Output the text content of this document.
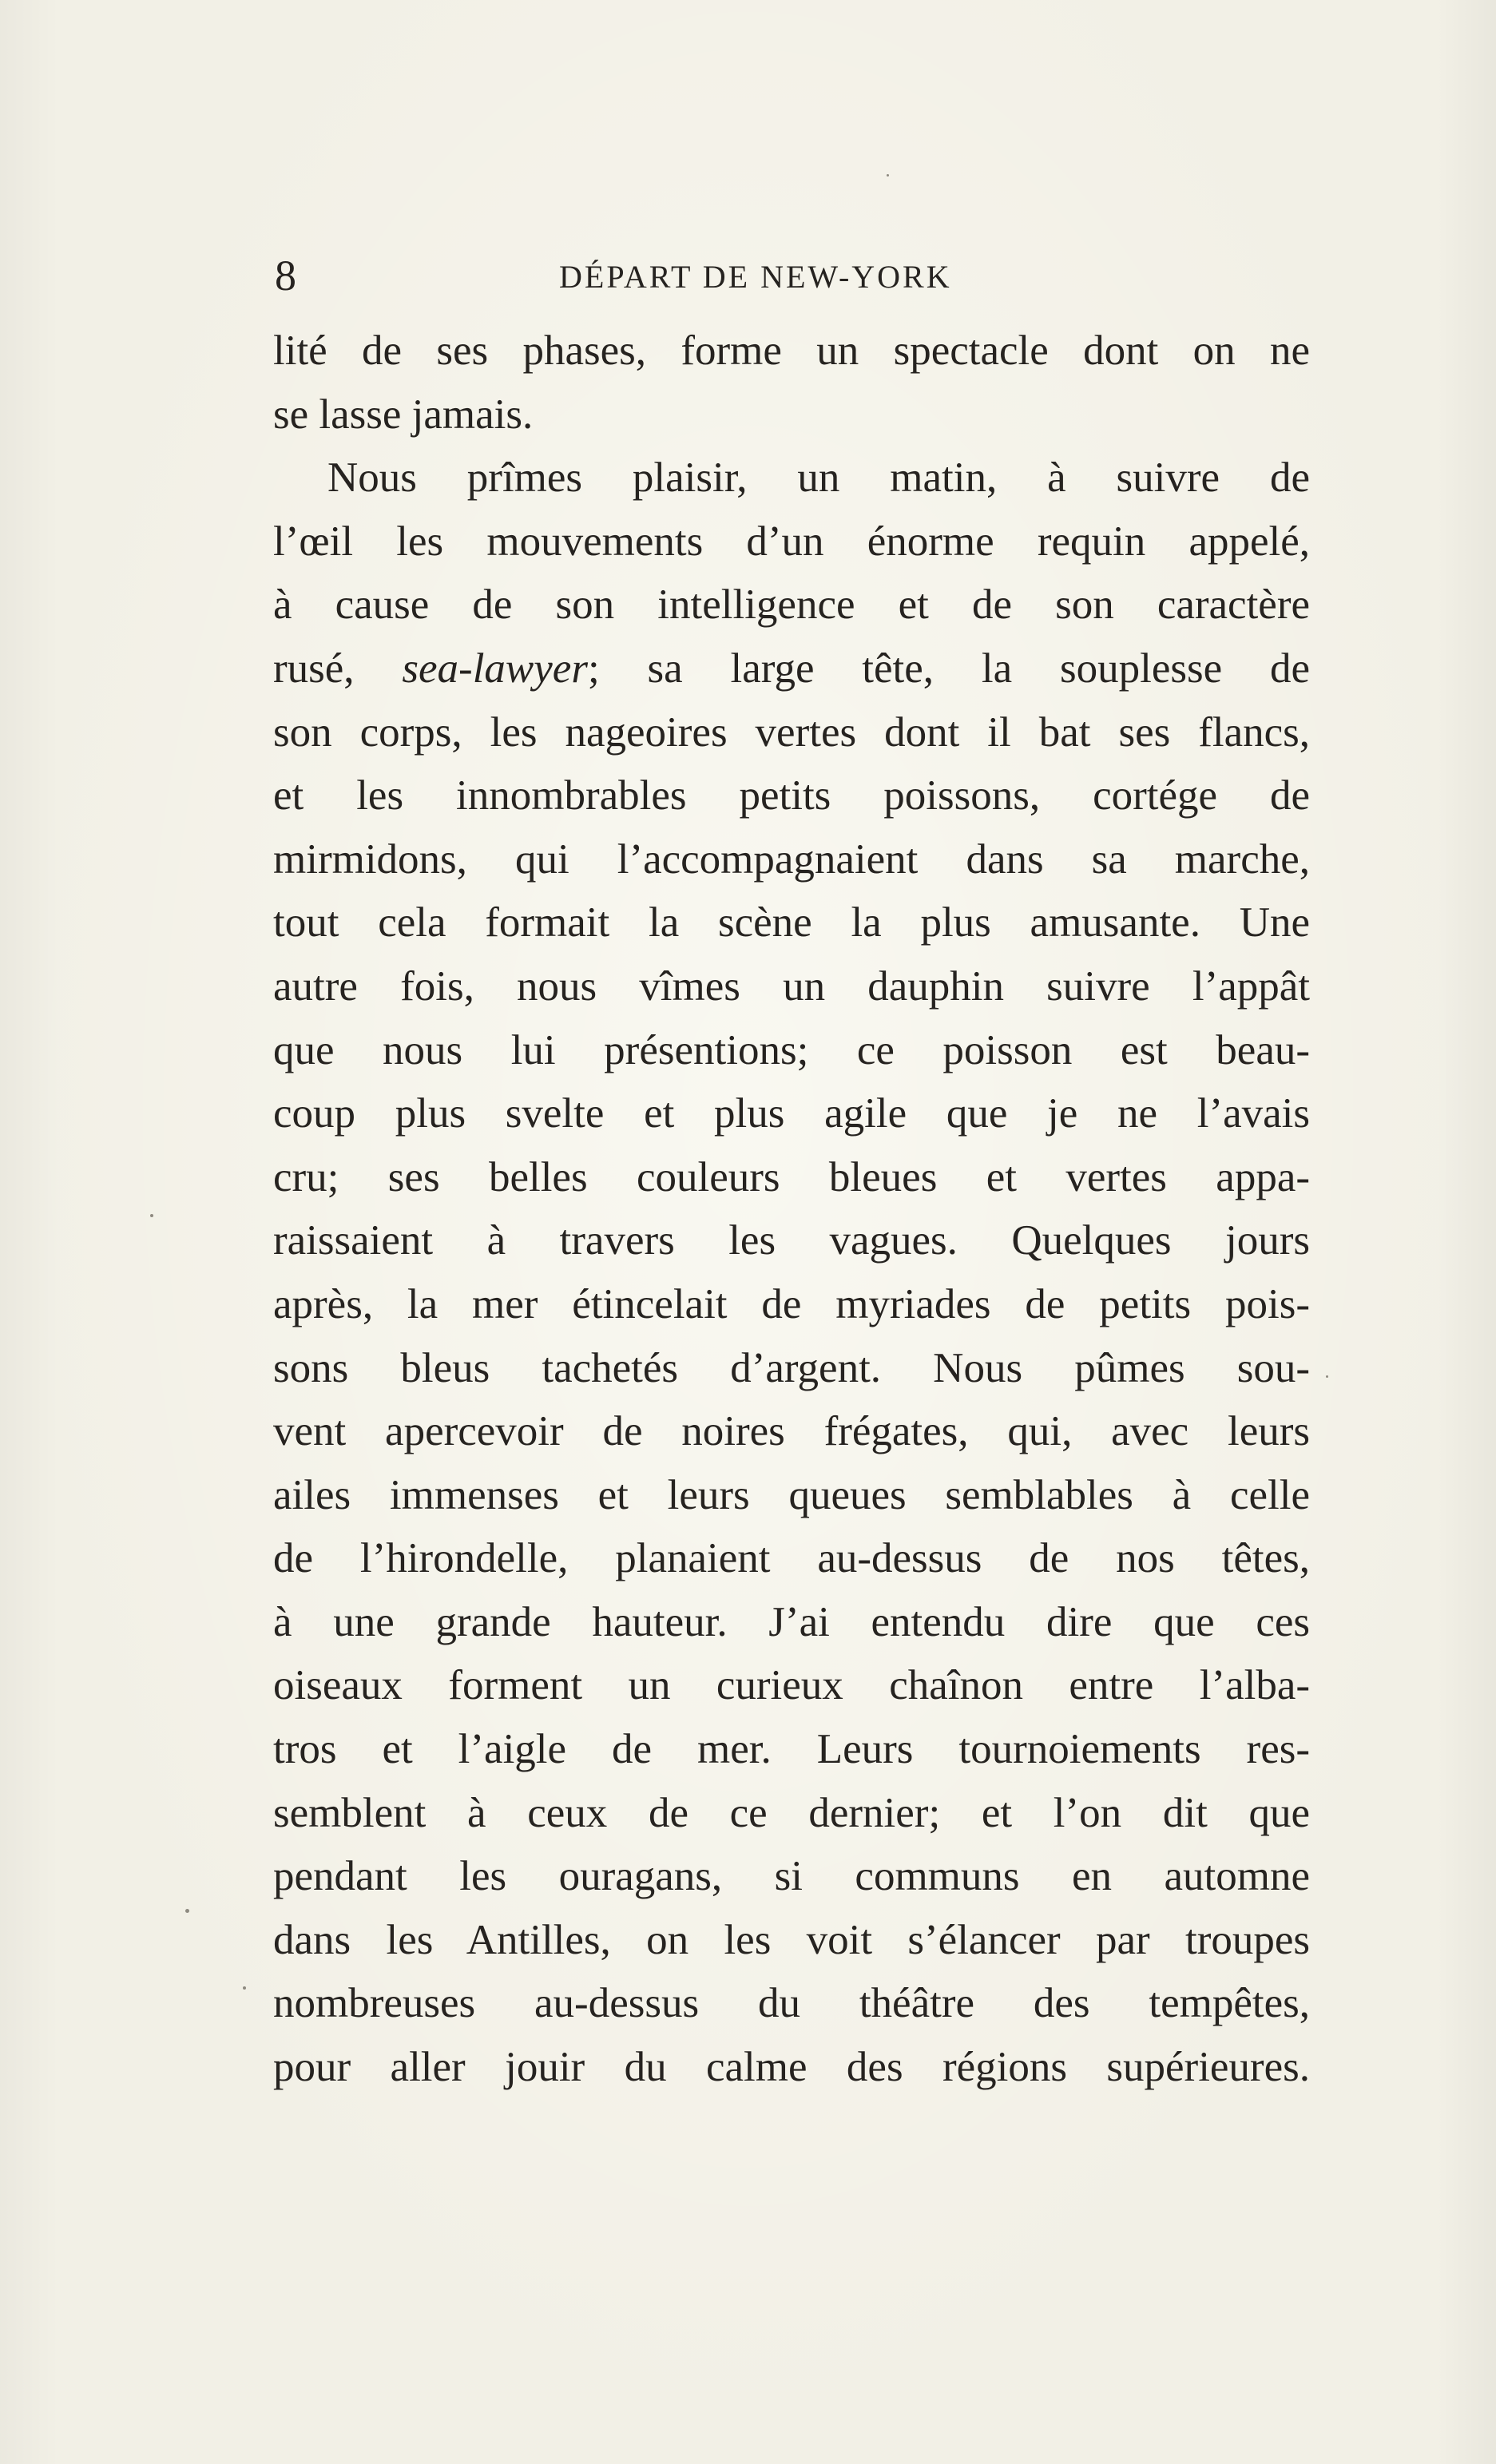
8	DÉPART DE NEW-YORK
lité de ses phases, forme un spectacle dont on ne
se lasse jamais.
Nous prîmes plaisir, un matin, à suivre de
l’œil les mouvements d’un énorme requin appelé,
à cause de son intelligence et de son caractère
rusé, sea-lawyer; sa large tête, la souplesse de
son corps, les nageoires vertes dont il bat ses flancs,
et les innombrables petits poissons, cortége de
mirmidons, qui l’accompagnaient dans sa marche,
tout cela formait la scène la plus amusante. Une
autre fois, nous vîmes un dauphin suivre l’appât
que nous lui présentions; ce poisson est beau-
coup plus svelte et plus agile que je ne l’avais
cru; ses belles couleurs bleues et vertes appa-
raissaient à travers les vagues. Quelques jours
après, la mer étincelait de myriades de petits pois-
sons bleus tachetés d’argent. Nous pûmes sou-
vent apercevoir de noires frégates, qui, avec leurs
ailes immenses et leurs queues semblables à celle
de l’hirondelle, planaient au-dessus de nos têtes,
à une grande hauteur. J’ai entendu dire que ces
oiseaux forment un curieux chaînon entre l’alba-
tros et l’aigle de mer. Leurs tournoiements res-
semblent à ceux de ce dernier; et l’on dit que
pendant les ouragans, si communs en automne
dans les Antilles, on les voit s’élancer par troupes
nombreuses au-dessus du théâtre des tempêtes,
pour aller jouir du calme des régions supérieures.
